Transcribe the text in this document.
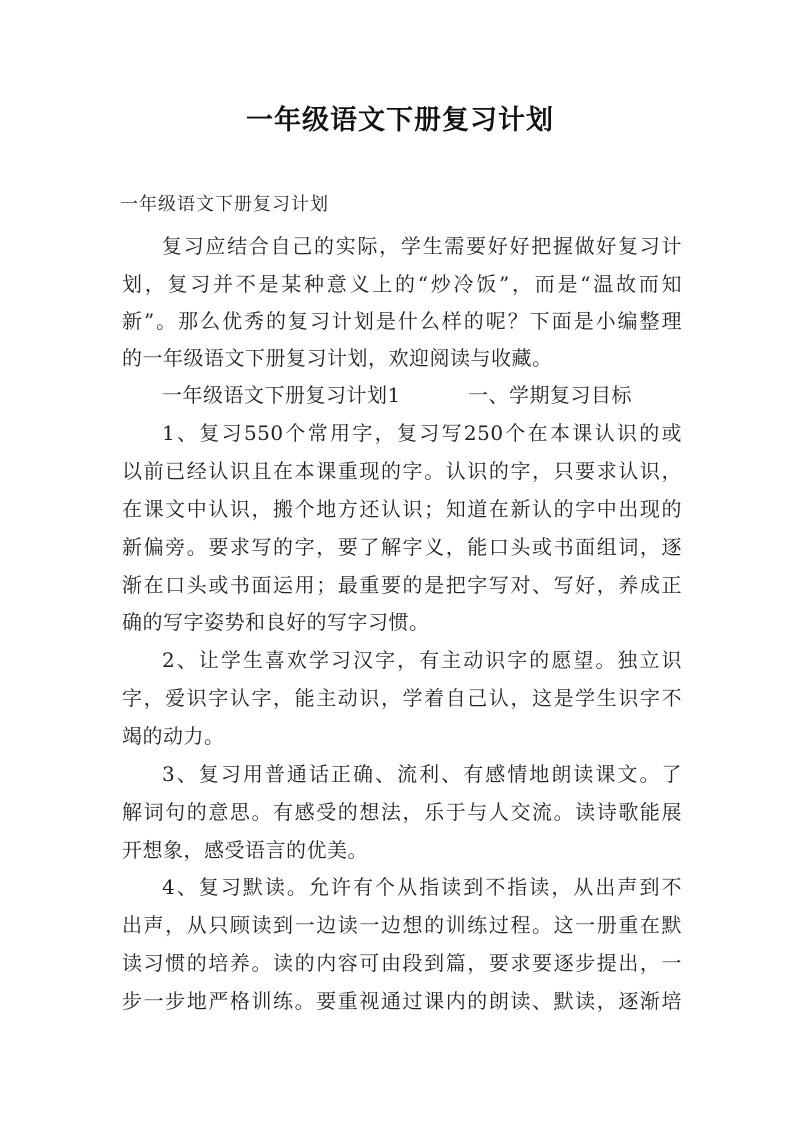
一年级语文下册复习计划
一年级语文下册复习计划
复习应结合自己的实际，学生需要好好把握做好复习计
划，复习并不是某种意义上的“炒冷饭”，而是“温故而知
新”。那么优秀的复习计划是什么样的呢？下面是小编整理
的一年级语文下册复习计划，欢迎阅读与收藏。
一年级语文下册复习计划1	一、学期复习目标
1、复习550个常用字，复习写250个在本课认识的或
以前已经认识且在本课重现的字。认识的字，只要求认识，
在课文中认识，搬个地方还认识；知道在新认的字中出现的
新偏旁。要求写的字，要了解字义，能口头或书面组词，逐
渐在口头或书面运用；最重要的是把字写对、写好，养成正
确的写字姿势和良好的写字习惯。
2、让学生喜欢学习汉字，有主动识字的愿望。独立识
字，爱识字认字，能主动识，学着自己认，这是学生识字不
竭的动力。
3、复习用普通话正确、流利、有感情地朗读课文。了
解词句的意思。有感受的想法，乐于与人交流。读诗歌能展
开想象，感受语言的优美。
4、复习默读。允许有个从指读到不指读，从出声到不
出声，从只顾读到一边读一边想的训练过程。这一册重在默
读习惯的培养。读的内容可由段到篇，要求要逐步提出，一
步一步地严格训练。要重视通过课内的朗读、默读，逐渐培
